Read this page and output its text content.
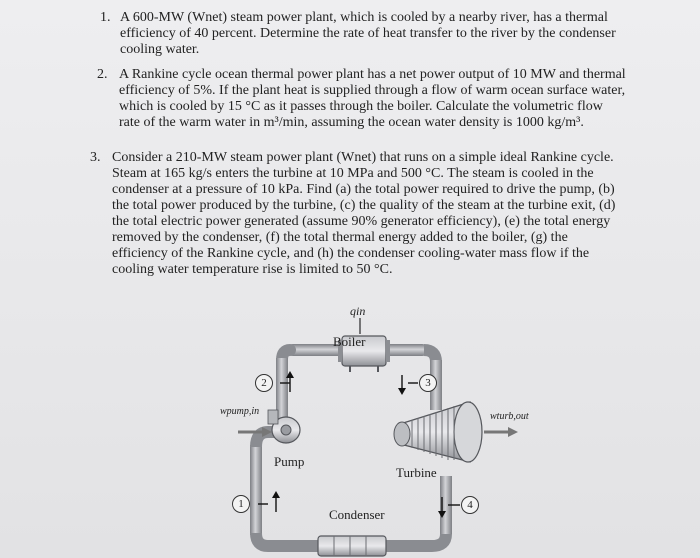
1. A 600-MW (Wnet) steam power plant, which is cooled by a nearby river, has a thermal
efficiency of 40 percent. Determine the rate of heat transfer to the river by the condenser
cooling water.
2. A Rankine cycle ocean thermal power plant has a net power output of 10 MW and thermal
efficiency of 5%. If the plant heat is supplied through a flow of warm ocean surface water,
which is cooled by 15 °C as it passes through the boiler. Calculate the volumetric flow
rate of the warm water in m³/min, assuming the ocean water density is 1000 kg/m³.
3. Consider a 210-MW steam power plant (Wnet) that runs on a simple ideal Rankine cycle.
Steam at 165 kg/s enters the turbine at 10 MPa and 500 °C. The steam is cooled in the
condenser at a pressure of 10 kPa. Find (a) the total power required to drive the pump, (b)
the total power produced by the turbine, (c) the quality of the steam at the turbine exit, (d)
the total electric power generated (assume 90% generator efficiency), (e) the total energy
removed by the condenser, (f) the total thermal energy added to the boiler, (g) the
efficiency of the Rankine cycle, and (h) the condenser cooling-water mass flow if the
cooling water temperature rise is limited to 50 °C.
qin
Boiler
Pump
Turbine
Condenser
wpump,in	wturb,out
2	3
1	4
